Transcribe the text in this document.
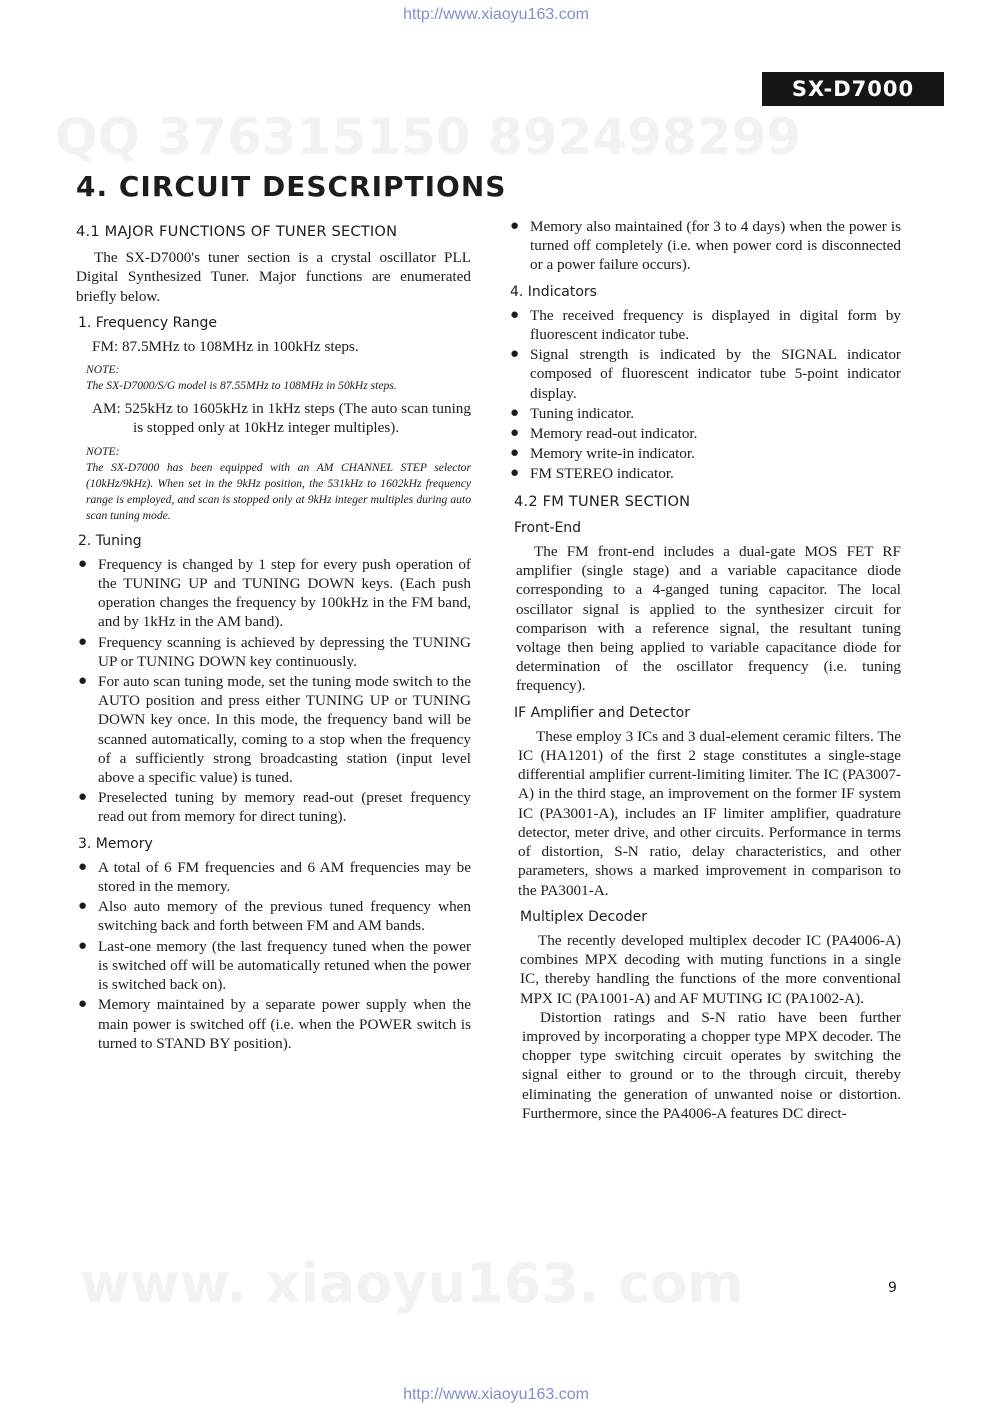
http://www.xiaoyu163.com
QQ 376315150 892498299
www. xiaoyu163. com
http://www.xiaoyu163.com
SX-D7000
4. CIRCUIT DESCRIPTIONS
4.1 MAJOR FUNCTIONS OF TUNER SECTION

The SX-D7000's tuner section is a crystal oscillator PLL Digital Synthesized Tuner. Major functions are enumerated briefly below.

1. Frequency Range

FM: 87.5MHz to 108MHz in 100kHz steps.

NOTE:
The SX-D7000/S/G model is 87.55MHz to 108MHz in 50kHz steps.

AM: 525kHz to 1605kHz in 1kHz steps (The auto scan tuning is stopped only at 10kHz integer multiples).

NOTE:
The SX-D7000 has been equipped with an AM CHANNEL STEP selector (10kHz/9kHz). When set in the 9kHz position, the 531kHz to 1602kHz frequency range is employed, and scan is stopped only at 9kHz integer multiples during auto scan tuning mode.
2. Tuning
● Frequency is changed by 1 step for every push operation of the TUNING UP and TUNING DOWN keys. (Each push operation changes the frequency by 100kHz in the FM band, and by 1kHz in the AM band).
● Frequency scanning is achieved by depressing the TUNING UP or TUNING DOWN key continuously.
● For auto scan tuning mode, set the tuning mode switch to the AUTO position and press either TUNING UP or TUNING DOWN key once. In this mode, the frequency band will be scanned automatically, coming to a stop when the frequency of a sufficiently strong broadcasting station (input level above a specific value) is tuned.
● Preselected tuning by memory read-out (preset frequency read out from memory for direct tuning).
3. Memory
● A total of 6 FM frequencies and 6 AM frequencies may be stored in the memory.
● Also auto memory of the previous tuned frequency when switching back and forth between FM and AM bands.
● Last-one memory (the last frequency tuned when the power is switched off will be automatically retuned when the power is switched back on).
● Memory maintained by a separate power supply when the main power is switched off (i.e. when the POWER switch is turned to STAND BY position).
● Memory also maintained (for 3 to 4 days) when the power is turned off completely (i.e. when power cord is disconnected or a power failure occurs).
4. Indicators
● The received frequency is displayed in digital form by fluorescent indicator tube.
● Signal strength is indicated by the SIGNAL indicator composed of fluorescent indicator tube 5-point indicator display.
● Tuning indicator.
● Memory read-out indicator.
● Memory write-in indicator.
● FM STEREO indicator.
4.2 FM TUNER SECTION
Front-End

The FM front-end includes a dual-gate MOS FET RF amplifier (single stage) and a variable capacitance diode corresponding to a 4-ganged tuning capacitor. The local oscillator signal is applied to the synthesizer circuit for comparison with a reference signal, the resultant tuning voltage then being applied to variable capacitance diode for determination of the oscillator frequency (i.e. tuning frequency).

IF Amplifier and Detector

These employ 3 ICs and 3 dual-element ceramic filters. The IC (HA1201) of the first 2 stage constitutes a single-stage differential amplifier current-limiting limiter. The IC (PA3007-A) in the third stage, an improvement on the former IF system IC (PA3001-A), includes an IF limiter amplifier, quadrature detector, meter drive, and other circuits. Performance in terms of distortion, S-N ratio, delay characteristics, and other parameters, shows a marked improvement in comparison to the PA3001-A.

Multiplex Decoder

The recently developed multiplex decoder IC (PA4006-A) combines MPX decoding with muting functions in a single IC, thereby handling the functions of the more conventional MPX IC (PA1001-A) and AF MUTING IC (PA1002-A).

Distortion ratings and S-N ratio have been further improved by incorporating a chopper type MPX decoder. The chopper type switching circuit operates by switching the signal either to ground or to the through circuit, thereby eliminating the generation of unwanted noise or distortion. Furthermore, since the PA4006-A features DC direct-

9
